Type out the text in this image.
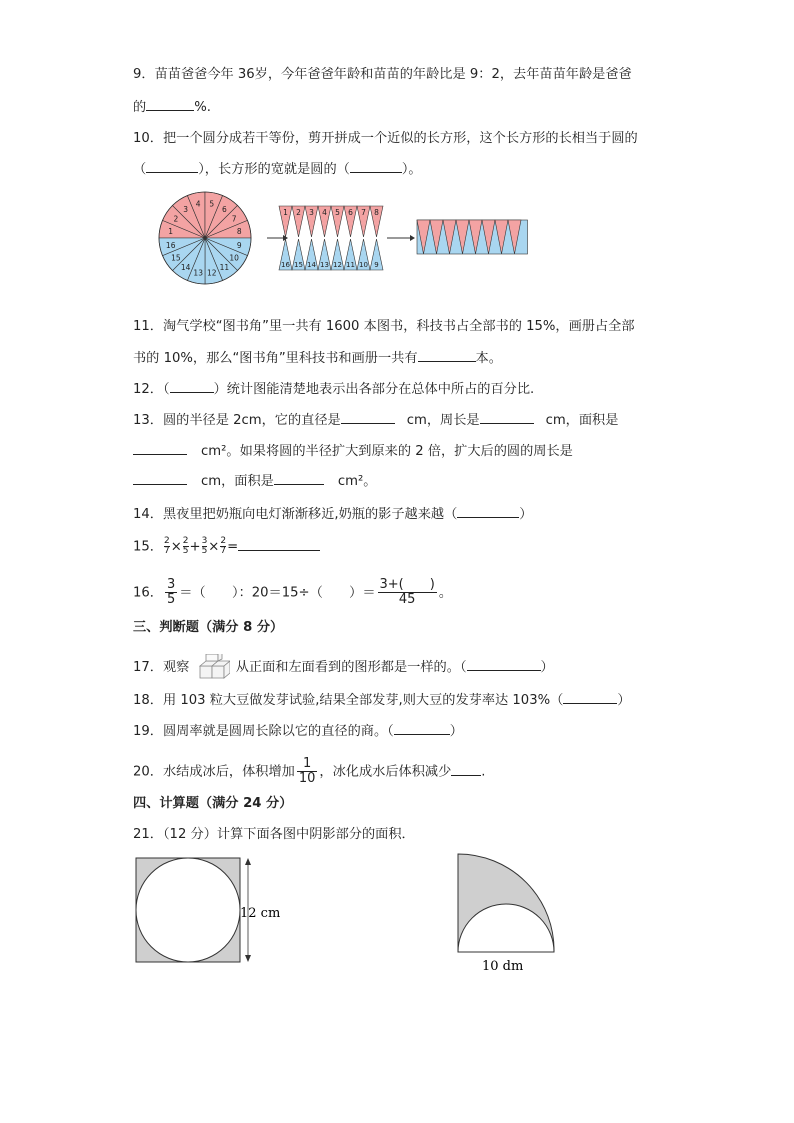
9．苗苗爸爸今年 36岁，今年爸爸年龄和苗苗的年龄比是 9：2，去年苗苗年龄是爸爸
的	%.
10．把一个圆分成若干等份，剪开拼成一个近似的长方形，这个长方形的长相当于圆的
（	），长方形的宽就是圆的（	）。
1
2
3
4 5
6
7
8
9
10
11
12
13
14
15
16
1
16
2
15
3
14
4
13
5
12
6
11
7
10
8
9
11．淘气学校“图书角”里一共有 1600 本图书，科技书占全部书的 15%，画册占全部
书的 10%，那么“图书角”里科技书和画册一共有	本。
12．（	）统计图能清楚地表示出各部分在总体中所占的百分比.
13．圆的半径是 2cm，它的直径是	cm，周长是	cm，面积是
cm²。如果将圆的半径扩大到原来的 2 倍，扩大后的圆的周长是
cm，面积是	cm²。
14．黑夜里把奶瓶向电灯渐渐移近,奶瓶的影子越来越（	）
15． $\frac{2}{7} \times \frac{2}{5} + \frac{3}{5} \times \frac{2}{7}$ =
16． $\frac{3}{5}$ ＝（　　）：20＝15÷（　　）＝ $\frac{3+( )}{45}$ 。
三、判断题（满分 8 分）
17．观察	从正面和左面看到的图形都是一样的。（	）
18．用 103 粒大豆做发芽试验,结果全部发芽,则大豆的发芽率达 103%（	）
19．圆周率就是圆周长除以它的直径的商。（	）
20．水结成冰后，体积增加 $\frac{1}{10}$ ，冰化成水后体积减少 .
四、计算题（满分 24 分）
21．（12 分）计算下面各图中阴影部分的面积．
12 cm
10 dm
